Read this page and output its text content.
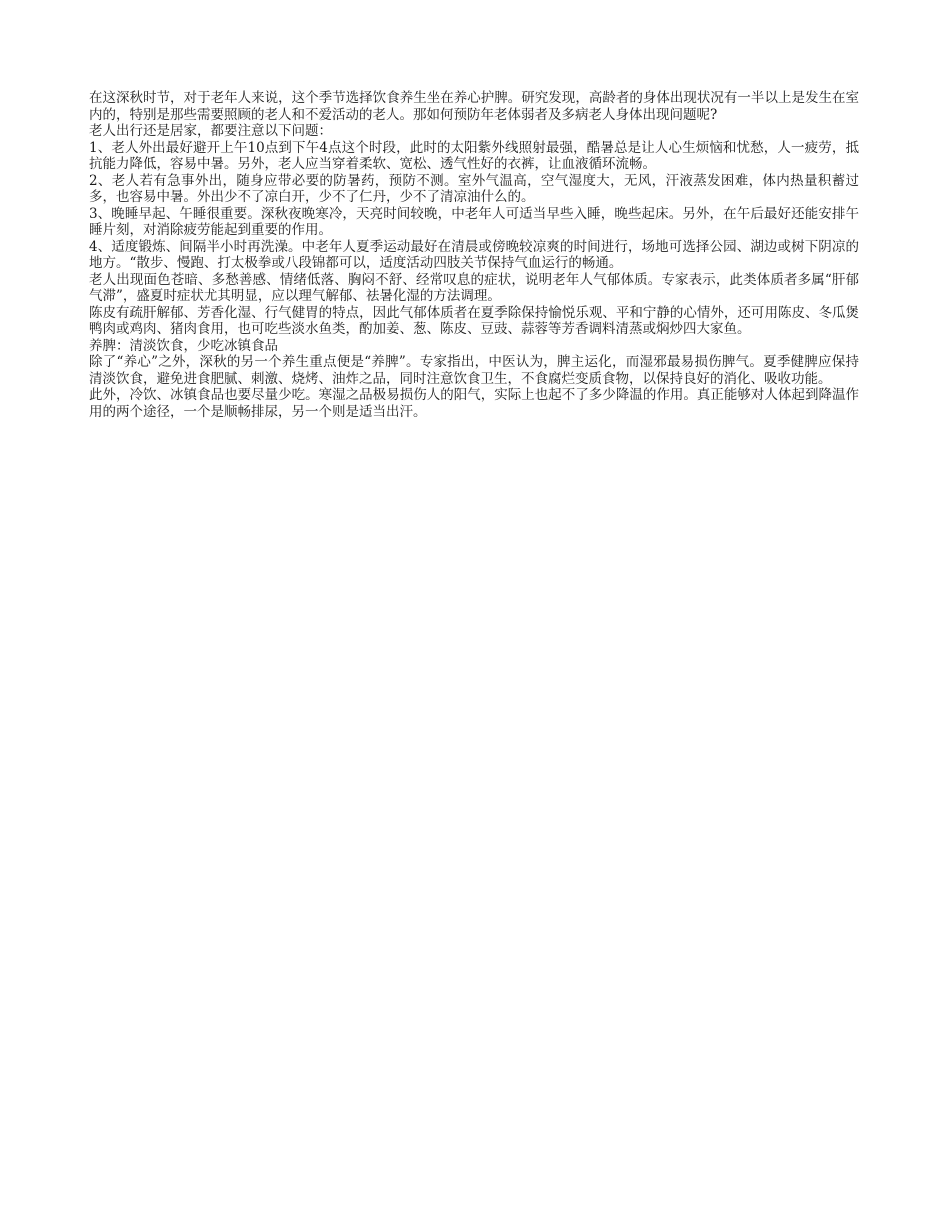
在这深秋时节，对于老年人来说，这个季节选择饮食养生坐在养心护脾。研究发现，高龄者的身体出现状况有一半以上是发生在室内的，特别是那些需要照顾的老人和不爱活动的老人。那如何预防年老体弱者及多病老人身体出现问题呢?

老人出行还是居家，都要注意以下问题：

1、老人外出最好避开上午10点到下午4点这个时段，此时的太阳紫外线照射最强，酷暑总是让人心生烦恼和忧愁，人一疲劳，抵抗能力降低，容易中暑。另外，老人应当穿着柔软、宽松、透气性好的衣裤，让血液循环流畅。

2、老人若有急事外出，随身应带必要的防暑药，预防不测。室外气温高，空气湿度大，无风，汗液蒸发困难，体内热量积蓄过多，也容易中暑。外出少不了凉白开，少不了仁丹，少不了清凉油什么的。

3、晚睡早起、午睡很重要。深秋夜晚寒冷，天亮时间较晚，中老年人可适当早些入睡，晚些起床。另外，在午后最好还能安排午睡片刻，对消除疲劳能起到重要的作用。

4、适度锻炼、间隔半小时再洗澡。中老年人夏季运动最好在清晨或傍晚较凉爽的时间进行，场地可选择公园、湖边或树下阴凉的地方。“散步、慢跑、打太极拳或八段锦都可以，适度活动四肢关节保持气血运行的畅通。

老人出现面色苍暗、多愁善感、情绪低落、胸闷不舒、经常叹息的症状，说明老年人气郁体质。专家表示，此类体质者多属“肝郁气滞”，盛夏时症状尤其明显，应以理气解郁、祛暑化湿的方法调理。

陈皮有疏肝解郁、芳香化湿、行气健胃的特点，因此气郁体质者在夏季除保持愉悦乐观、平和宁静的心情外，还可用陈皮、冬瓜煲鸭肉或鸡肉、猪肉食用，也可吃些淡水鱼类，酌加姜、葱、陈皮、豆豉、蒜蓉等芳香调料清蒸或焖炒四大家鱼。

养脾：清淡饮食，少吃冰镇食品

除了“养心”之外，深秋的另一个养生重点便是“养脾”。专家指出，中医认为，脾主运化，而湿邪最易损伤脾气。夏季健脾应保持清淡饮食，避免进食肥腻、刺激、烧烤、油炸之品，同时注意饮食卫生，不食腐烂变质食物，以保持良好的消化、吸收功能。

此外，冷饮、冰镇食品也要尽量少吃。寒湿之品极易损伤人的阳气，实际上也起不了多少降温的作用。真正能够对人体起到降温作用的两个途径，一个是顺畅排尿，另一个则是适当出汗。
